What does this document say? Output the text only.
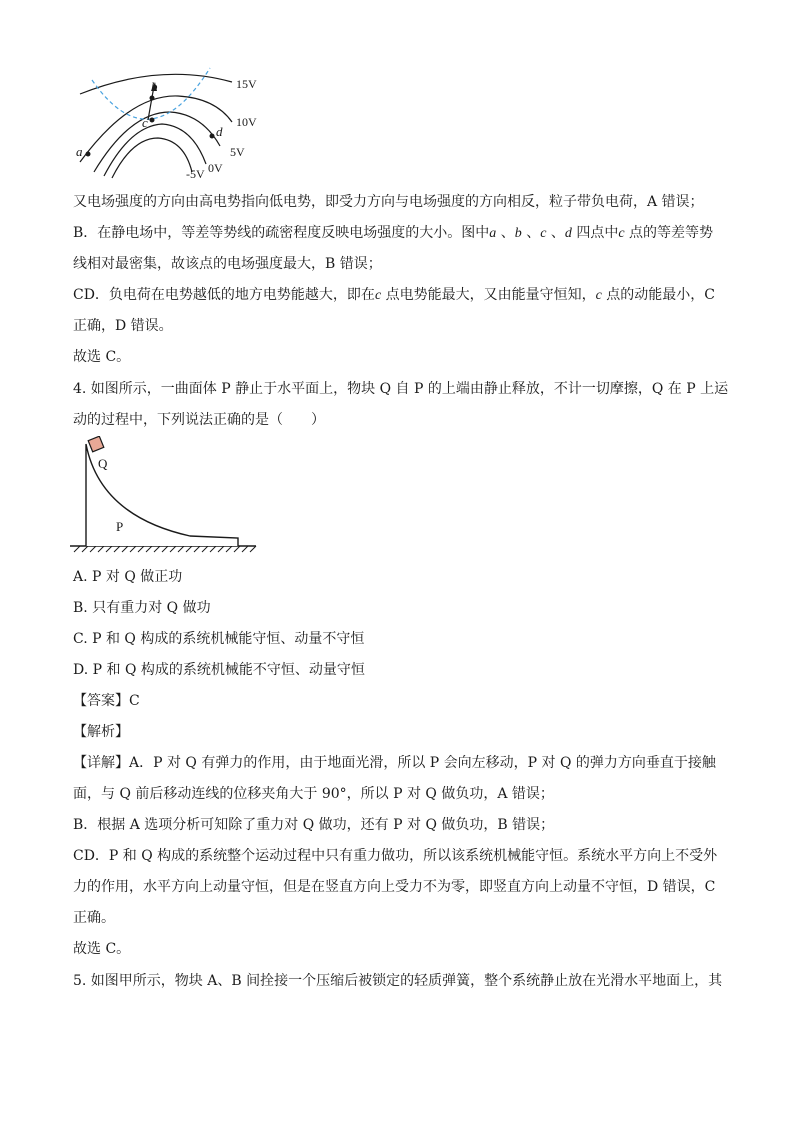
a
b
c
d
15V
10V
5V
0V
-5V
又电场强度的方向由高电势指向低电势，即受力方向与电场强度的方向相反，粒子带负电荷，A 错误；
B．在静电场中，等差等势线的疏密程度反映电场强度的大小。图中a 、b 、c 、d 四点中c 点的等差等势
线相对最密集，故该点的电场强度最大，B 错误；
CD．负电荷在电势越低的地方电势能越大，即在c 点电势能最大，又由能量守恒知，c 点的动能最小，C
正确，D 错误。
故选 C。
4. 如图所示，一曲面体 P 静止于水平面上，物块 Q 自 P 的上端由静止释放，不计一切摩擦，Q 在 P 上运
动的过程中，下列说法正确的是（　　）
Q
P
A. P 对 Q 做正功
B. 只有重力对 Q 做功
C. P 和 Q 构成的系统机械能守恒、动量不守恒
D. P 和 Q 构成的系统机械能不守恒、动量守恒
【答案】C
【解析】
【详解】A．P 对 Q 有弹力的作用，由于地面光滑，所以 P 会向左移动，P 对 Q 的弹力方向垂直于接触
面，与 Q 前后移动连线的位移夹角大于 90°，所以 P 对 Q 做负功，A 错误；
B．根据 A 选项分析可知除了重力对 Q 做功，还有 P 对 Q 做负功，B 错误；
CD．P 和 Q 构成的系统整个运动过程中只有重力做功，所以该系统机械能守恒。系统水平方向上不受外
力的作用，水平方向上动量守恒，但是在竖直方向上受力不为零，即竖直方向上动量不守恒，D 错误，C
正确。
故选 C。
5. 如图甲所示，物块 A、B 间拴接一个压缩后被锁定的轻质弹簧，整个系统静止放在光滑水平地面上，其
